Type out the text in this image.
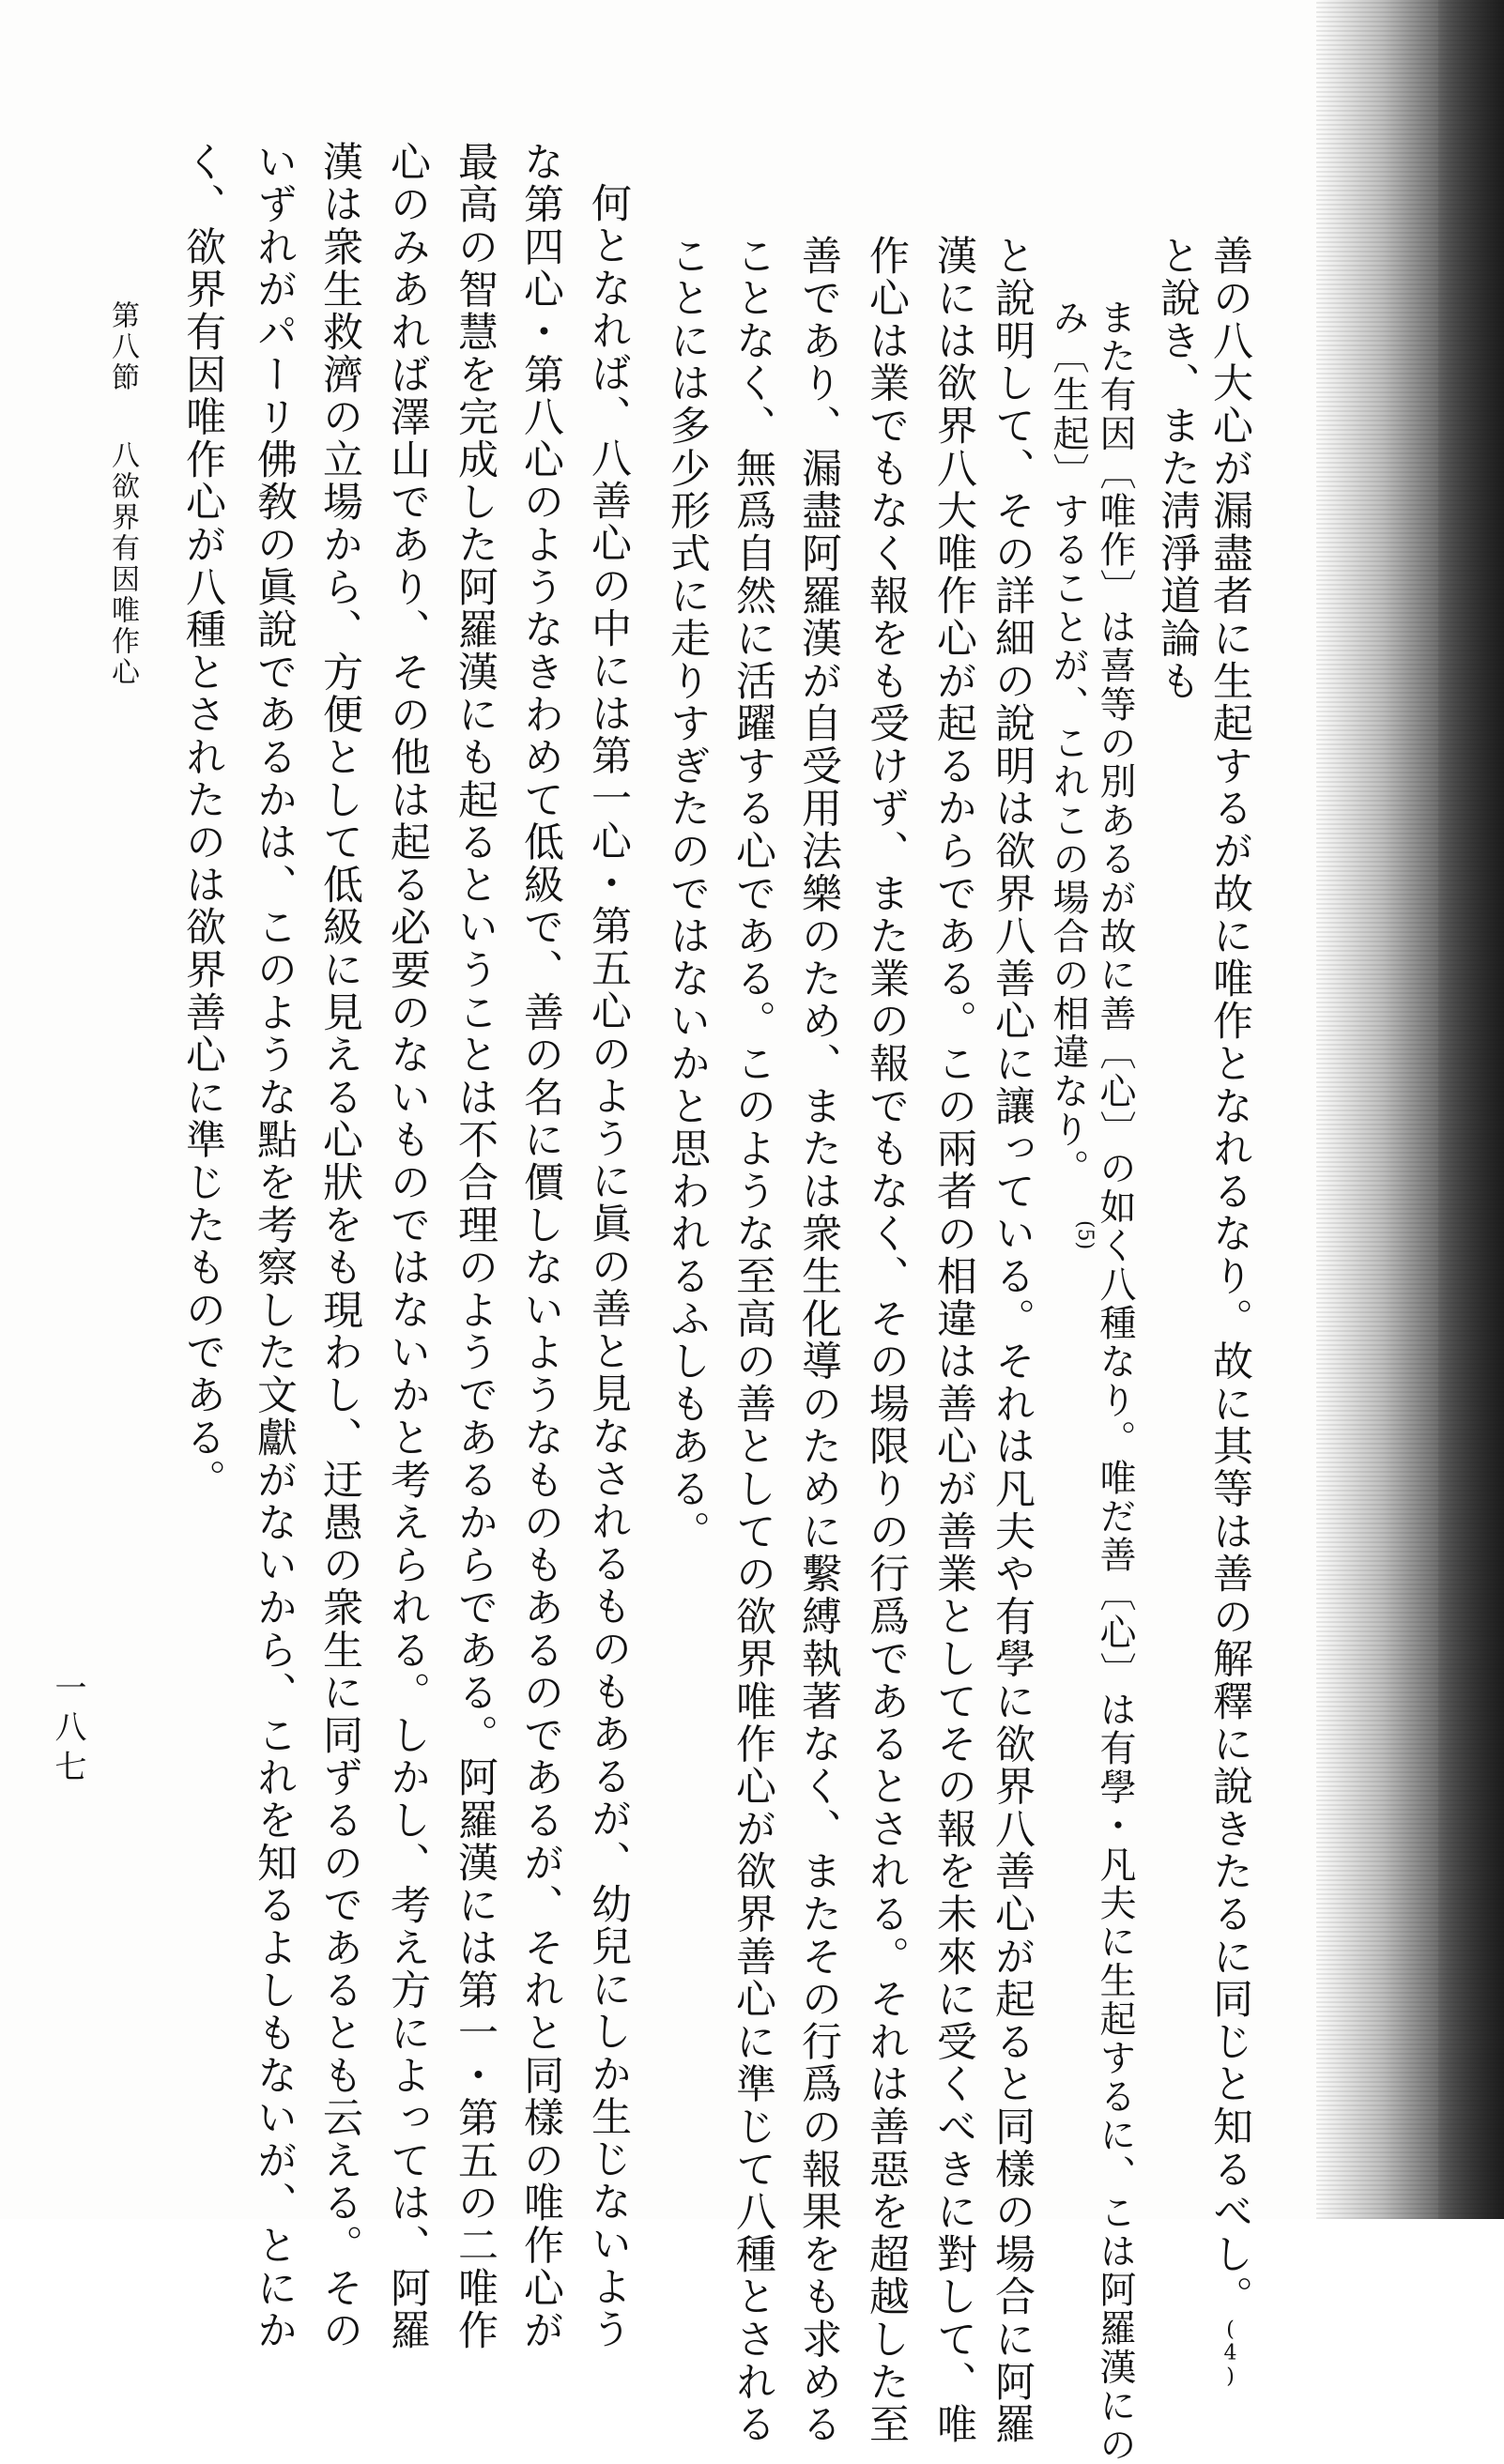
善の八大心が漏盡者に生起するが故に唯作となれるなり。故に其等は善の解釋に說きたるに同じと知るべし。(4)
と說き、また淸淨道論も
また有因〔唯作〕は喜等の別あるが故に善〔心〕の如く八種なり。唯だ善〔心〕は有學・凡夫に生起するに、こは阿羅漢にの
み〔生起〕することが、これこの場合の相違なり。
(5)
と說明して、その詳細の說明は欲界八善心に讓っている。それは凡夫や有學に欲界八善心が起ると同樣の場合に阿羅
漢には欲界八大唯作心が起るからである。この兩者の相違は善心が善業としてその報を未來に受くべきに對して、唯
作心は業でもなく報をも受けず、また業の報でもなく、その場限りの行爲であるとされる。それは善惡を超越した至
善であり、漏盡阿羅漢が自受用法樂のため、または衆生化導のために繫縛執著なく、またその行爲の報果をも求める
ことなく、無爲自然に活躍する心である。このような至高の善としての欲界唯作心が欲界善心に準じて八種とされる
ことには多少形式に走りすぎたのではないかと思われるふしもある。
何となれば、八善心の中には第一心・第五心のように眞の善と見なされるものもあるが、幼兒にしか生じないよう
な第四心・第八心のようなきわめて低級で、善の名に價しないようなものもあるのであるが、それと同樣の唯作心が
最高の智慧を完成した阿羅漢にも起るということは不合理のようであるからである。阿羅漢には第一・第五の二唯作
心のみあれば澤山であり、その他は起る必要のないものではないかと考えられる。しかし、考え方によっては、阿羅
漢は衆生救濟の立場から、方便として低級に見える心狀をも現わし、迂愚の衆生に同ずるのであるとも云える。その
いずれがパーリ佛敎の眞說であるかは、このような點を考察した文獻がないから、これを知るよしもないが、とにか
く、欲界有因唯作心が八種とされたのは欲界善心に準じたものである。
第八節八欲界有因唯作心
一八七
